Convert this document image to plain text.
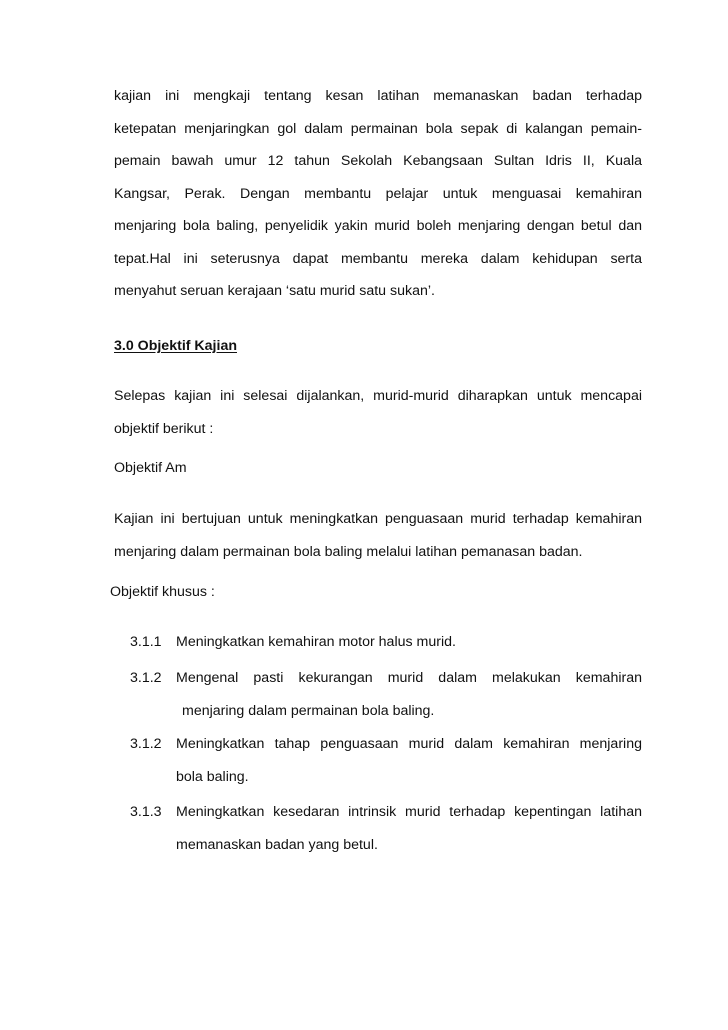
kajian ini mengkaji tentang kesan latihan memanaskan badan terhadap
ketepatan menjaringkan gol dalam permainan bola sepak di kalangan pemain-
pemain bawah umur 12 tahun Sekolah Kebangsaan Sultan Idris II, Kuala
Kangsar, Perak. Dengan membantu pelajar untuk menguasai kemahiran
menjaring bola baling, penyelidik yakin murid boleh menjaring dengan betul dan
tepat.Hal ini seterusnya dapat membantu mereka dalam kehidupan serta
menyahut seruan kerajaan ‘satu murid satu sukan’.
3.0 Objektif Kajian
Selepas kajian ini selesai dijalankan, murid-murid diharapkan untuk mencapai
objektif berikut :
Objektif Am
Kajian ini bertujuan untuk meningkatkan penguasaan murid terhadap kemahiran
menjaring dalam permainan bola baling melalui latihan pemanasan badan.
Objektif khusus :
3.1.1	Meningkatkan kemahiran motor halus murid.
3.1.2	Mengenal pasti kekurangan murid dalam melakukan kemahiran
menjaring dalam permainan bola baling.
3.1.2	Meningkatkan tahap penguasaan murid dalam kemahiran menjaring
bola baling.
3.1.3	Meningkatkan kesedaran intrinsik murid terhadap kepentingan latihan
memanaskan badan yang betul.
